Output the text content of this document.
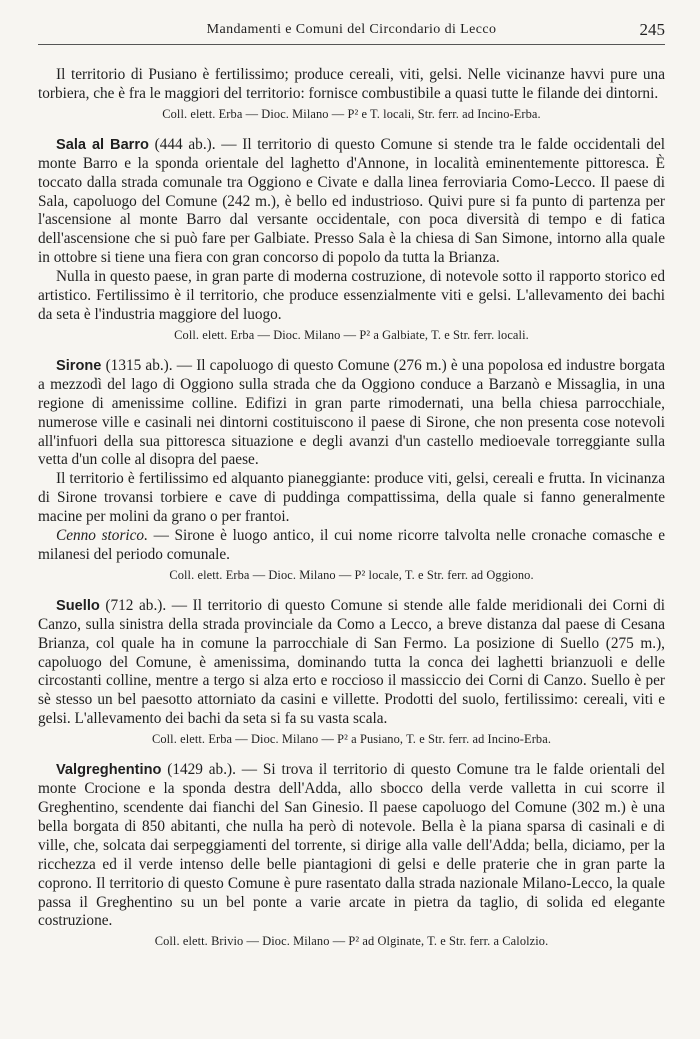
Mandamenti e Comuni del Circondario di Lecco	245

Il territorio di Pusiano è fertilissimo; produce cereali, viti, gelsi. Nelle vicinanze havvi pure una torbiera, che è fra le maggiori del territorio: fornisce combustibile a quasi tutte le filande dei dintorni.

Coll. elett. Erba — Dioc. Milano — P² e T. locali, Str. ferr. ad Incino-Erba.

Sala al Barro (444 ab.). — Il territorio di questo Comune si stende tra le falde occidentali del monte Barro e la sponda orientale del laghetto d'Annone, in località eminentemente pittoresca. È toccato dalla strada comunale tra Oggiono e Civate e dalla linea ferroviaria Como-Lecco. Il paese di Sala, capoluogo del Comune (242 m.), è bello ed industrioso. Quivi pure si fa punto di partenza per l'ascensione al monte Barro dal versante occidentale, con poca diversità di tempo e di fatica dell'ascensione che si può fare per Galbiate. Presso Sala è la chiesa di San Simone, intorno alla quale in ottobre si tiene una fiera con gran concorso di popolo da tutta la Brianza.

Nulla in questo paese, in gran parte di moderna costruzione, di notevole sotto il rapporto storico ed artistico. Fertilissimo è il territorio, che produce essenzialmente viti e gelsi. L'allevamento dei bachi da seta è l'industria maggiore del luogo.

Coll. elett. Erba — Dioc. Milano — P² a Galbiate, T. e Str. ferr. locali.

Sirone (1315 ab.). — Il capoluogo di questo Comune (276 m.) è una popolosa ed industre borgata a mezzodì del lago di Oggiono sulla strada che da Oggiono conduce a Barzanò e Missaglia, in una regione di amenissime colline. Edifizi in gran parte rimodernati, una bella chiesa parrocchiale, numerose ville e casinali nei dintorni costituiscono il paese di Sirone, che non presenta cose notevoli all'infuori della sua pittoresca situazione e degli avanzi d'un castello medioevale torreggiante sulla vetta d'un colle al disopra del paese.

Il territorio è fertilissimo ed alquanto pianeggiante: produce viti, gelsi, cereali e frutta. In vicinanza di Sirone trovansi torbiere e cave di puddinga compattissima, della quale si fanno generalmente macine per molini da grano o per frantoi.

Cenno storico. — Sirone è luogo antico, il cui nome ricorre talvolta nelle cronache comasche e milanesi del periodo comunale.

Coll. elett. Erba — Dioc. Milano — P² locale, T. e Str. ferr. ad Oggiono.

Suello (712 ab.). — Il territorio di questo Comune si stende alle falde meridionali dei Corni di Canzo, sulla sinistra della strada provinciale da Como a Lecco, a breve distanza dal paese di Cesana Brianza, col quale ha in comune la parrocchiale di San Fermo. La posizione di Suello (275 m.), capoluogo del Comune, è amenissima, dominando tutta la conca dei laghetti brianzuoli e delle circostanti colline, mentre a tergo si alza erto e roccioso il massiccio dei Corni di Canzo. Suello è per sè stesso un bel paesotto attorniato da casini e villette. Prodotti del suolo, fertilissimo: cereali, viti e gelsi. L'allevamento dei bachi da seta si fa su vasta scala.

Coll. elett. Erba — Dioc. Milano — P² a Pusiano, T. e Str. ferr. ad Incino-Erba.

Valgreghentino (1429 ab.). — Si trova il territorio di questo Comune tra le falde orientali del monte Crocione e la sponda destra dell'Adda, allo sbocco della verde valletta in cui scorre il Greghentino, scendente dai fianchi del San Ginesio. Il paese capoluogo del Comune (302 m.) è una bella borgata di 850 abitanti, che nulla ha però di notevole. Bella è la piana sparsa di casinali e di ville, che, solcata dai serpeggiamenti del torrente, si dirige alla valle dell'Adda; bella, diciamo, per la ricchezza ed il verde intenso delle belle piantagioni di gelsi e delle praterie che in gran parte la coprono. Il territorio di questo Comune è pure rasentato dalla strada nazionale Milano-Lecco, la quale passa il Greghentino su un bel ponte a varie arcate in pietra da taglio, di solida ed elegante costruzione.

Coll. elett. Brivio — Dioc. Milano — P² ad Olginate, T. e Str. ferr. a Calolzio.
